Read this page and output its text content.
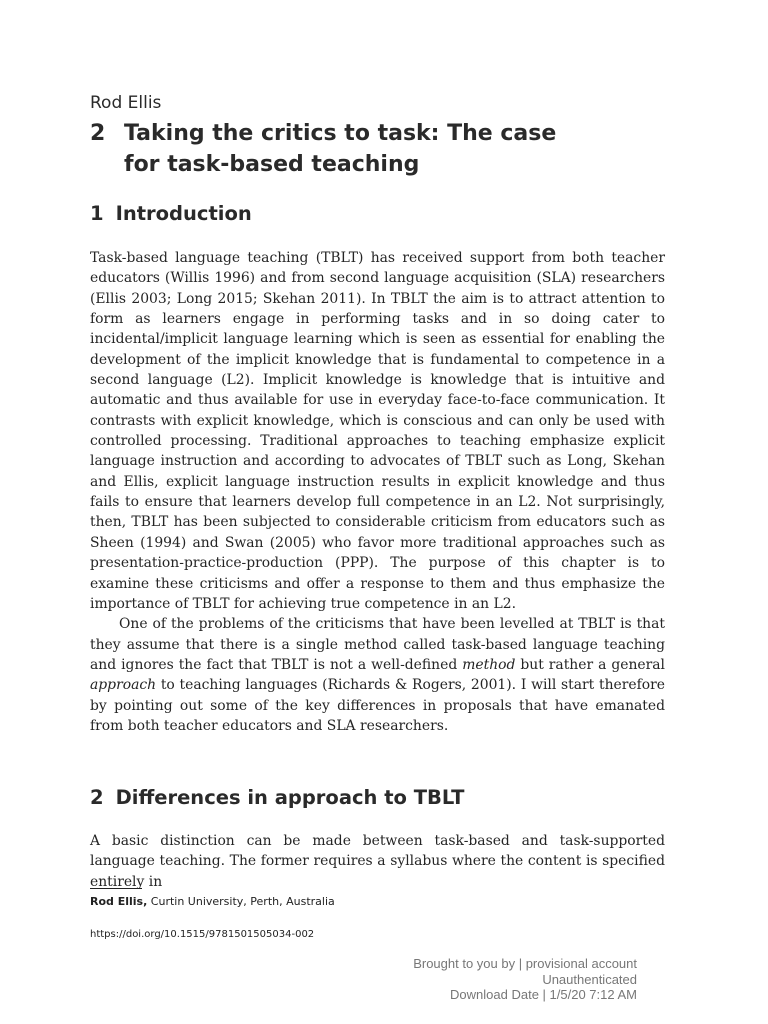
Rod Ellis
2 Taking the critics to task: The case
for task-based teaching
1 Introduction

Task-based language teaching (TBLT) has received support from both teacher educators (Willis 1996) and from second language acquisition (SLA) researchers (Ellis 2003; Long 2015; Skehan 2011). In TBLT the aim is to attract attention to form as learners engage in performing tasks and in so doing cater to incidental/implicit language learning which is seen as essential for enabling the development of the implicit knowledge that is fundamental to competence in a second language (L2). Implicit knowledge is knowledge that is intuitive and automatic and thus available for use in everyday face-to-face communication. It contrasts with explicit knowledge, which is conscious and can only be used with controlled processing. Traditional approaches to teaching emphasize explicit language instruction and according to advocates of TBLT such as Long, Skehan and Ellis, explicit language instruction results in explicit knowledge and thus fails to ensure that learners develop full competence in an L2. Not surprisingly, then, TBLT has been subjected to considerable criticism from educators such as Sheen (1994) and Swan (2005) who favor more traditional approaches such as presentation-practice-production (PPP). The purpose of this chapter is to examine these criticisms and offer a response to them and thus emphasize the importance of TBLT for achieving true competence in an L2.

One of the problems of the criticisms that have been levelled at TBLT is that they assume that there is a single method called task-based language teaching and ignores the fact that TBLT is not a well-defined method but rather a general approach to teaching languages (Richards & Rogers, 2001). I will start therefore by pointing out some of the key differences in proposals that have emanated from both teacher educators and SLA researchers.

2 Differences in approach to TBLT

A basic distinction can be made between task-based and task-supported language teaching. The former requires a syllabus where the content is specified entirely in

Rod Ellis, Curtin University, Perth, Australia
https://doi.org/10.1515/9781501505034-002
Brought to you by | provisional account
Unauthenticated
Download Date | 1/5/20 7:12 AM
